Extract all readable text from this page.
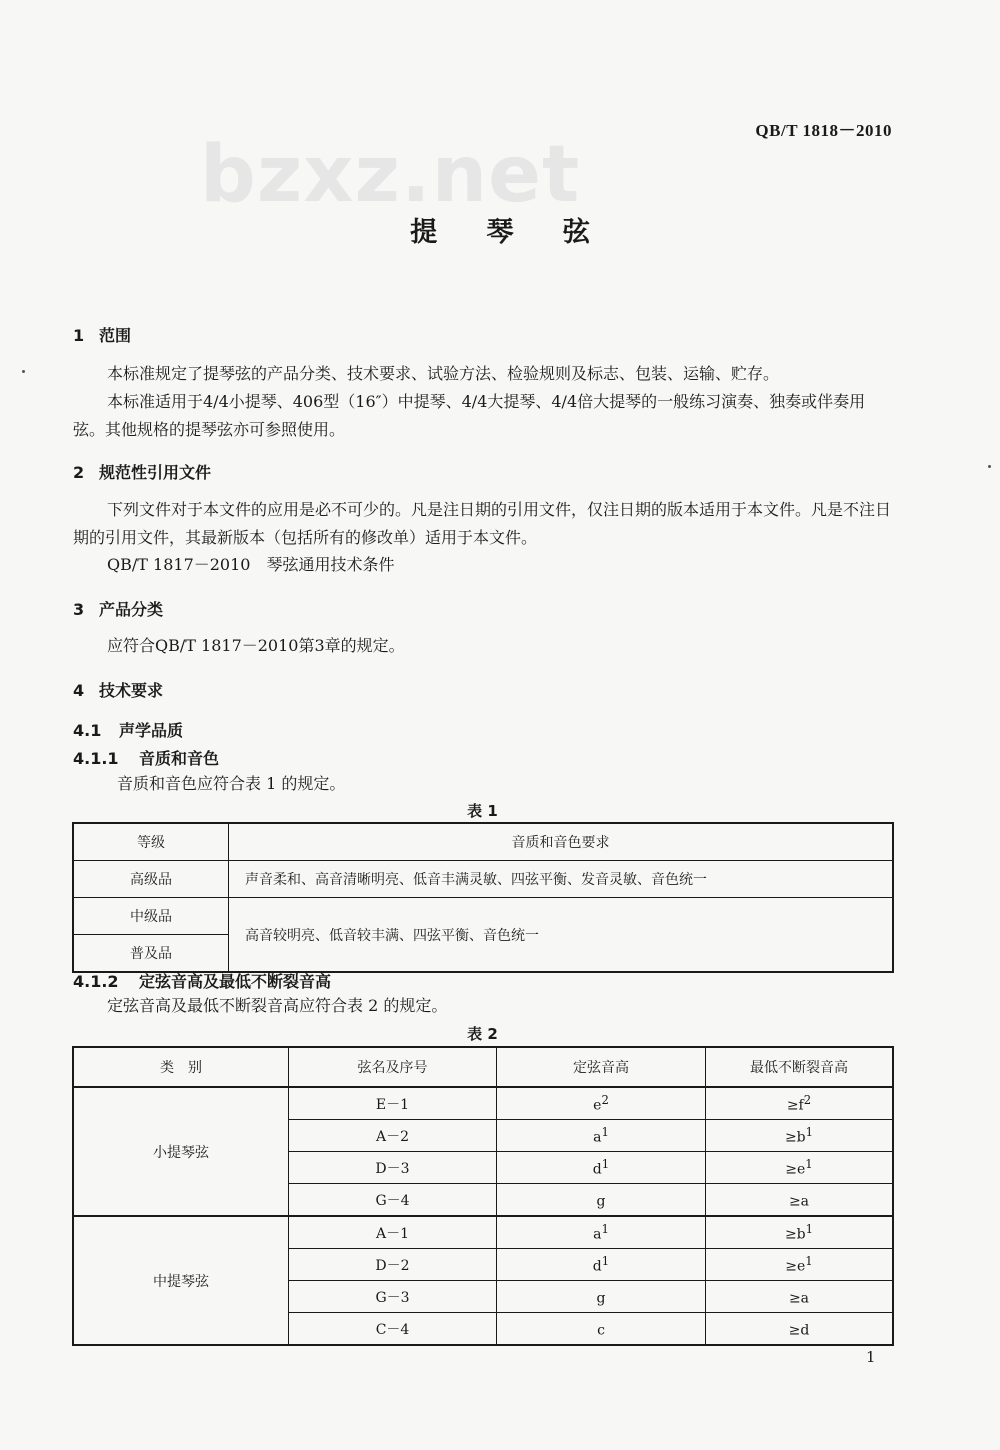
QB/T 1818－2010
bzxz.net
提 琴 弦
1 范围
本标准规定了提琴弦的产品分类、技术要求、试验方法、检验规则及标志、包装、运输、贮存。
本标准适用于4/4小提琴、406型（16″）中提琴、4/4大提琴、4/4倍大提琴的一般练习演奏、独奏或伴奏用弦。其他规格的提琴弦亦可参照使用。
2 规范性引用文件
下列文件对于本文件的应用是必不可少的。凡是注日期的引用文件，仅注日期的版本适用于本文件。凡是不注日期的引用文件，其最新版本（包括所有的修改单）适用于本文件。
QB/T 1817－2010　琴弦通用技术条件
3 产品分类
应符合QB/T 1817－2010第3章的规定。
4 技术要求
4.1 声学品质
4.1.1 音质和音色
音质和音色应符合表 1 的规定。
表 1
等级	音质和音色要求
高级品	声音柔和、高音清晰明亮、低音丰满灵敏、四弦平衡、发音灵敏、音色统一
中级品	高音较明亮、低音较丰满、四弦平衡、音色统一
普及品	
4.1.2 定弦音高及最低不断裂音高
定弦音高及最低不断裂音高应符合表 2 的规定。
表 2
类　别	弦名及序号	定弦音高	最低不断裂音高
小提琴弦	E－1	$e^2$	$\ge f^2$
	A－2	$a^1$	$\ge b^1$
	D－3	$d^1$	$\ge e^1$
	G－4	g	≥a
中提琴弦	A－1	$a^1$	$\ge b^1$
	D－2	$d^1$	$\ge e^1$
	G－3	g	≥a
	C－4	c	≥d
1
